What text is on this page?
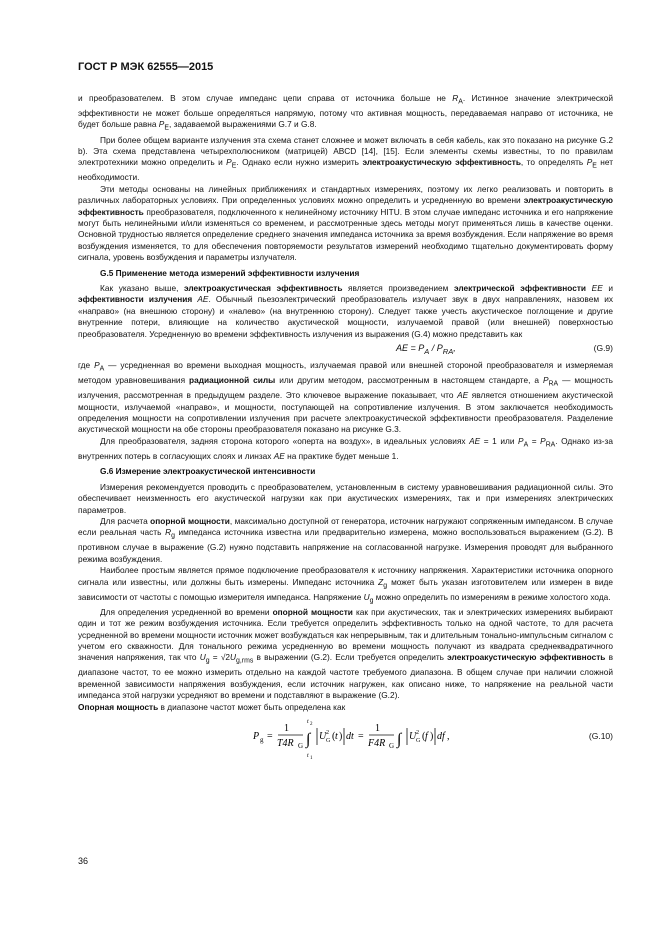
ГОСТ Р МЭК 62555—2015

и преобразователем. В этом случае импеданс цепи справа от источника больше не $R_A$. Истинное значение электрической эффективности не может больше определяться напрямую, потому что активная мощность, передаваемая направо от источника, не будет больше равна $P_E$, задаваемой выражениями G.7 и G.8.

При более общем варианте излучения эта схема станет сложнее и может включать в себя кабель, как это показано на рисунке G.2 b). Эта схема представлена четырехполюсником (матрицей) ABCD [14], [15]. Если элементы схемы известны, то по правилам электротехники можно определить и $P_E$. Однако если нужно измерить электроакустическую эффективность, то определять $P_E$ нет необходимости.

Эти методы основаны на линейных приближениях и стандартных измерениях, поэтому их легко реализовать и повторить в различных лабораторных условиях. При определенных условиях можно определить и усредненную во времени электроакустическую эффективность преобразователя, подключенного к нелинейному источнику HITU. В этом случае импеданс источника и его напряжение могут быть нелинейными и/или изменяться со временем, и рассмотренные здесь методы могут применяться лишь в качестве оценки. Основной трудностью является определение среднего значения импеданса источника за время возбуждения. Если напряжение во время возбуждения изменяется, то для обеспечения повторяемости результатов измерений необходимо тщательно документировать форму сигнала, уровень возбуждения и параметры излучателя.

G.5 Применение метода измерений эффективности излучения

Как указано выше, электроакустическая эффективность является произведением электрической эффективности EE и эффективности излучения AE. Обычный пьезоэлектрический преобразователь излучает звук в двух направлениях, назовем их «направо» (на внешнюю сторону) и «налево» (на внутреннюю сторону). Следует также учесть акустическое поглощение и другие внутренние потери, влияющие на количество акустической мощности, излучаемой правой (или внешней) поверхностью преобразователя. Усредненную во времени эффективность излучения из выражения (G.4) можно представить как

AE = $P_A / P_{RA}$,	(G.9)

где $P_A$ — усредненная во времени выходная мощность, излучаемая правой или внешней стороной преобразователя и измеряемая методом уравновешивания радиационной силы или другим методом, рассмотренным в настоящем стандарте, а $P_{RA}$ — мощность излучения, рассмотренная в предыдущем разделе. Это ключевое выражение показывает, что AE является отношением акустической мощности, излучаемой «направо», и мощности, поступающей на сопротивление излучения. В этом заключается необходимость определения мощности на сопротивлении излучения при расчете электроакустической эффективности преобразователя. Разделение акустической мощности на обе стороны преобразователя показано на рисунке G.3.

Для преобразователя, задняя сторона которого «оперта на воздух», в идеальных условиях AE = 1 или $P_A = P_{RA}$. Однако из-за внутренних потерь в согласующих слоях и линзах AE на практике будет меньше 1.

G.6 Измерение электроакустической интенсивности

Измерения рекомендуется проводить с преобразователем, установленным в систему уравновешивания радиационной силы. Это обеспечивает неизменность его акустической нагрузки как при акустических измерениях, так и при измерениях электрических параметров.

Для расчета опорной мощности, максимально доступной от генератора, источник нагружают сопряженным импедансом. В случае если реальная часть $R_g$ импеданса источника известна или предварительно измерена, можно воспользоваться выражением (G.2). В противном случае в выражение (G.2) нужно подставить напряжение на согласованной нагрузке. Измерения проводят для выбранного режима возбуждения.

Наиболее простым является прямое подключение преобразователя к источнику напряжения. Характеристики источника опорного сигнала или известны, или должны быть измерены. Импеданс источника $Z_g$ может быть указан изготовителем или измерен в виде зависимости от частоты с помощью измерителя импеданса. Напряжение $U_g$ можно определить по измерениям в режиме холостого хода.

Для определения усредненной во времени опорной мощности как при акустических, так и электрических измерениях выбирают один и тот же режим возбуждения источника. Если требуется определить эффективность только на одной частоте, то для расчета усредненной во времени мощности источник может возбуждаться как непрерывным, так и длительным тонально-импульсным сигналом с учетом его скважности. Для тонального режима усредненную во времени мощность получают из квадрата среднеквадратичного значения напряжения, так что $U_g = √2U_{g,rms}$ в выражении (G.2). Если требуется определить электроакустическую эффективность в диапазоне частот, то ее можно измерить отдельно на каждой частоте требуемого диапазона. В общем случае при наличии сложной временной зависимости напряжения возбуждения, если источник нагружен, как описано ниже, то напряжение на реальной части импеданса этой нагрузки усредняют во времени и подставляют в выражение (G.2).

Опорная мощность в диапазоне частот может быть определена как

P g =
1
T4R G
t 2
∫
t 1
U 2
G ( t ) dt =
1
F4R G ∫ U 2
G ( f ) df ,	(G.10)
36
